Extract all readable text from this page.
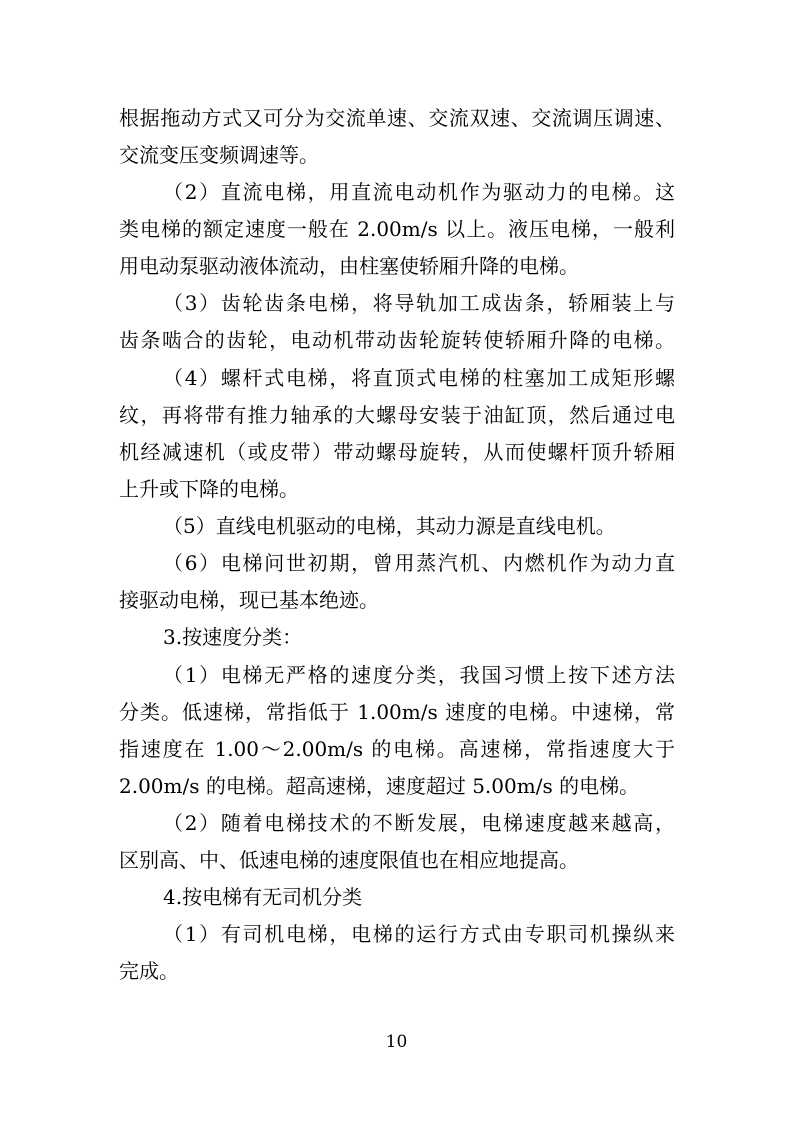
根据拖动方式又可分为交流单速、交流双速、交流调压调速、
交流变压变频调速等。
（2）直流电梯，用直流电动机作为驱动力的电梯。这
类电梯的额定速度一般在 2.00m/s 以上。液压电梯，一般利
用电动泵驱动液体流动，由柱塞使轿厢升降的电梯。
（3）齿轮齿条电梯，将导轨加工成齿条，轿厢装上与
齿条啮合的齿轮，电动机带动齿轮旋转使轿厢升降的电梯。
（4）螺杆式电梯，将直顶式电梯的柱塞加工成矩形螺
纹，再将带有推力轴承的大螺母安装于油缸顶，然后通过电
机经减速机（或皮带）带动螺母旋转，从而使螺杆顶升轿厢
上升或下降的电梯。
（5）直线电机驱动的电梯，其动力源是直线电机。
（6）电梯问世初期，曾用蒸汽机、内燃机作为动力直
接驱动电梯，现已基本绝迹。
3.按速度分类：
（1）电梯无严格的速度分类，我国习惯上按下述方法
分类。低速梯，常指低于 1.00m/s 速度的电梯。中速梯，常
指速度在 1.00～2.00m/s 的电梯。高速梯，常指速度大于
2.00m/s 的电梯。超高速梯，速度超过 5.00m/s 的电梯。
（2）随着电梯技术的不断发展，电梯速度越来越高，
区别高、中、低速电梯的速度限值也在相应地提高。
4.按电梯有无司机分类
（1）有司机电梯，电梯的运行方式由专职司机操纵来
完成。
10
